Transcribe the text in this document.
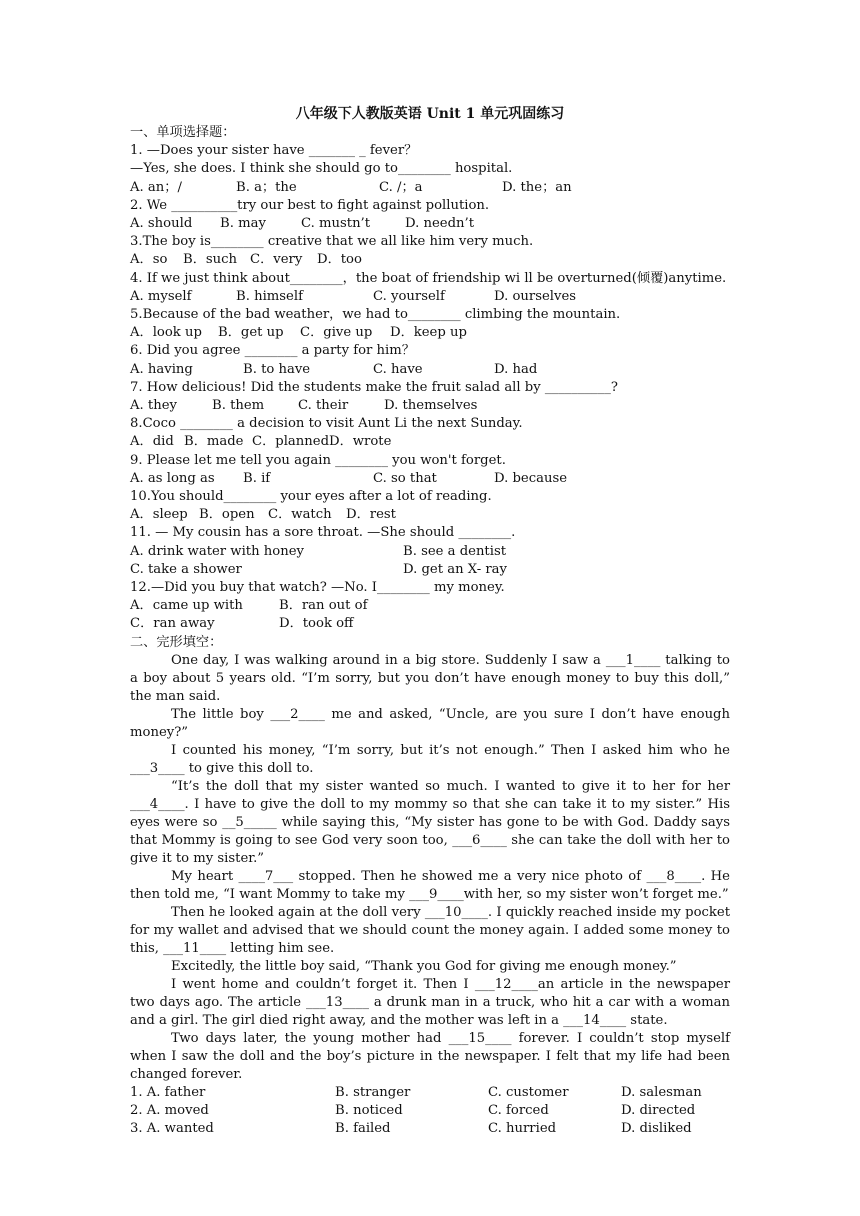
八年级下人教版英语 Unit 1 单元巩固练习
一、单项选择题：
1. —Does your sister have _______ _ fever？
—Yes, she does. I think she should go to________ hospital.
A. an；/	B. a；the	C. /；a	D. the；an
2. We __________try our best to fight against pollution.
A. should	B. may	C. mustn’t	D. needn’t
3.The boy is________ creative that we all like him very much.
A．so	B．such C．very	D．too
4. If we just think about________，the boat of friendship wi ll be overturned(倾覆)anytime.
A. myself	B. himself	C. yourself	D. ourselves
5.Because of the bad weather，we had to________ climbing the mountain.
A．look up	B．get up	C．give up	D．keep up
6. Did you agree ________ a party for him？
A. having	B. to have	C. have	D. had
7. How delicious! Did the students make the fruit salad all by __________?
A. they	B. them	C. their	D. themselves
8.Coco ________ a decision to visit Aunt Li the next Sunday.
A．did B．made C．planned D．wrote
9. Please let me tell you again ________ you won't forget.
A. as long as	B. if	C. so that	D. because
10.You should________ your eyes after a lot of reading.
A．sleep B．open	C．watch	D．rest
11. — My cousin has a sore throat. —She should ________.
A. drink water with honey	B. see a dentist
C. take a shower	D. get an X- ray
12.—Did you buy that watch? —No. I________ my money.
A．came up with	B．ran out of
C．ran away	D．took off
二、完形填空：
One day, I was walking around in a big store. Suddenly I saw a ___1____ talking to a boy about 5 years old. “I’m sorry, but you don’t have enough money to buy this doll,” the man said.
The little boy ___2____ me and asked, “Uncle, are you sure I don’t have enough money?”
I counted his money, “I’m sorry, but it’s not enough.” Then I asked him who he ___3____ to give this doll to.
“It’s the doll that my sister wanted so much. I wanted to give it to her for her ___4____. I have to give the doll to my mommy so that she can take it to my sister.” His eyes were so __5_____ while saying this, “My sister has gone to be with God. Daddy says that Mommy is going to see God very soon too, ___6____ she can take the doll with her to give it to my sister.”
My heart ____7___ stopped. Then he showed me a very nice photo of ___8____. He then told me, “I want Mommy to take my ___9____with her, so my sister won’t forget me.”
Then he looked again at the doll very ___10____. I quickly reached inside my pocket for my wallet and advised that we should count the money again. I added some money to this, ___11____ letting him see.
Excitedly, the little boy said, “Thank you God for giving me enough money.”
I went home and couldn’t forget it. Then I ___12____an article in the newspaper two days ago. The article ___13____ a drunk man in a truck, who hit a car with a woman and a girl. The girl died right away, and the mother was left in a ___14____ state.
Two days later, the young mother had ___15____ forever. I couldn’t stop myself when I saw the doll and the boy’s picture in the newspaper. I felt that my life had been changed forever.
1. A. father	B. stranger	C. customer	D. salesman
2. A. moved	B. noticed	C. forced	D. directed
3. A. wanted	B. failed	C. hurried	D. disliked
